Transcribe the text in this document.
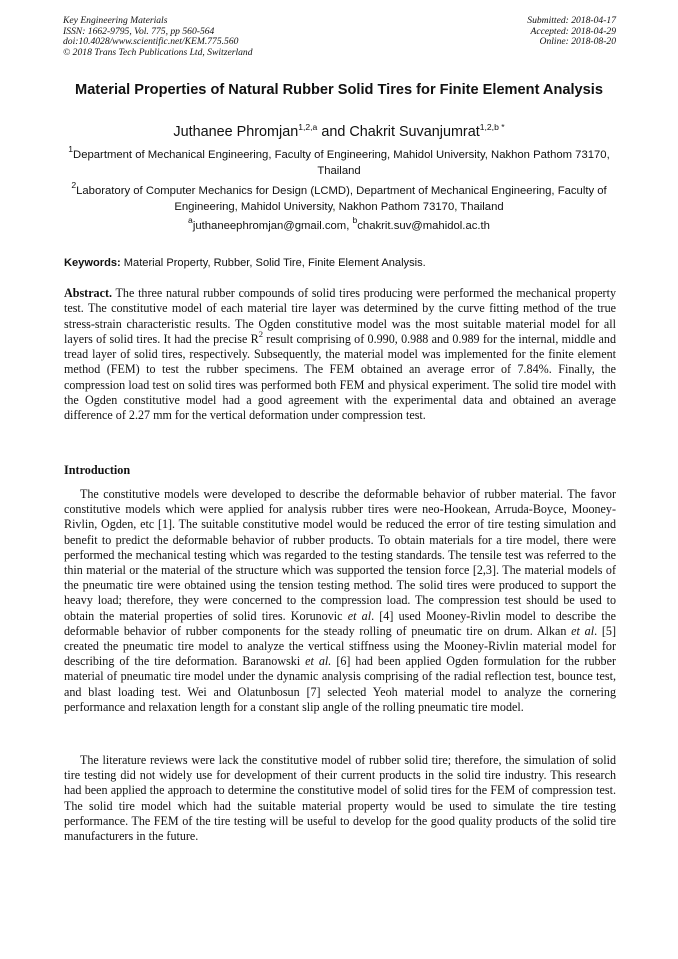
Key Engineering Materials
ISSN: 1662-9795, Vol. 775, pp 560-564
doi:10.4028/www.scientific.net/KEM.775.560
© 2018 Trans Tech Publications Ltd, Switzerland
Submitted: 2018-04-17
Accepted: 2018-04-29
Online: 2018-08-20
Material Properties of Natural Rubber Solid Tires for Finite Element Analysis
Juthanee Phromjan$^{1,2,a}$ and Chakrit Suvanjumrat$^{1,2,b *}$
$^1$Department of Mechanical Engineering, Faculty of Engineering, Mahidol University, Nakhon Pathom 73170, Thailand
$^2$Laboratory of Computer Mechanics for Design (LCMD), Department of Mechanical Engineering, Faculty of Engineering, Mahidol University, Nakhon Pathom 73170, Thailand
$^a$juthaneephromjan@gmail.com, $^b$chakrit.suv@mahidol.ac.th
Keywords: Material Property, Rubber, Solid Tire, Finite Element Analysis.

Abstract. The three natural rubber compounds of solid tires producing were performed the mechanical property test. The constitutive model of each material tire layer was determined by the curve fitting method of the true stress-strain characteristic results. The Ogden constitutive model was the most suitable material model for all layers of solid tires. It had the precise $R^2$ result comprising of 0.990, 0.988 and 0.989 for the internal, middle and tread layer of solid tires, respectively. Subsequently, the material model was implemented for the finite element method (FEM) to test the rubber specimens. The FEM obtained an average error of 7.84%. Finally, the compression load test on solid tires was performed both FEM and physical experiment. The solid tire model with the Ogden constitutive model had a good agreement with the experimental data and obtained an average difference of 2.27 mm for the vertical deformation under compression test.

Introduction

The constitutive models were developed to describe the deformable behavior of rubber material. The favor constitutive models which were applied for analysis rubber tires were neo-Hookean, Arruda-Boyce, Mooney-Rivlin, Ogden, etc [1]. The suitable constitutive model would be reduced the error of tire testing simulation and benefit to predict the deformable behavior of rubber products. To obtain materials for a tire model, there were performed the mechanical testing which was regarded to the testing standards. The tensile test was referred to the thin material or the material of the structure which was supported the tension force [2,3]. The material models of the pneumatic tire were obtained using the tension testing method. The solid tires were produced to support the heavy load; therefore, they were concerned to the compression load. The compression test should be used to obtain the material properties of solid tires. Korunovic et al. [4] used Mooney-Rivlin model to describe the deformable behavior of rubber components for the steady rolling of pneumatic tire on drum. Alkan et al. [5] created the pneumatic tire model to analyze the vertical stiffness using the Mooney-Rivlin material model for describing of the tire deformation. Baranowski et al. [6] had been applied Ogden formulation for the rubber material of pneumatic tire model under the dynamic analysis comprising of the radial reflection test, bounce test, and blast loading test. Wei and Olatunbosun [7] selected Yeoh material model to analyze the cornering performance and relaxation length for a constant slip angle of the rolling pneumatic tire model.

The literature reviews were lack the constitutive model of rubber solid tire; therefore, the simulation of solid tire testing did not widely use for development of their current products in the solid tire industry. This research had been applied the approach to determine the constitutive model of solid tires for the FEM of compression test. The solid tire model which had the suitable material property would be used to simulate the tire testing performance. The FEM of the tire testing will be useful to develop for the good quality products of the solid tire manufacturers in the future.
